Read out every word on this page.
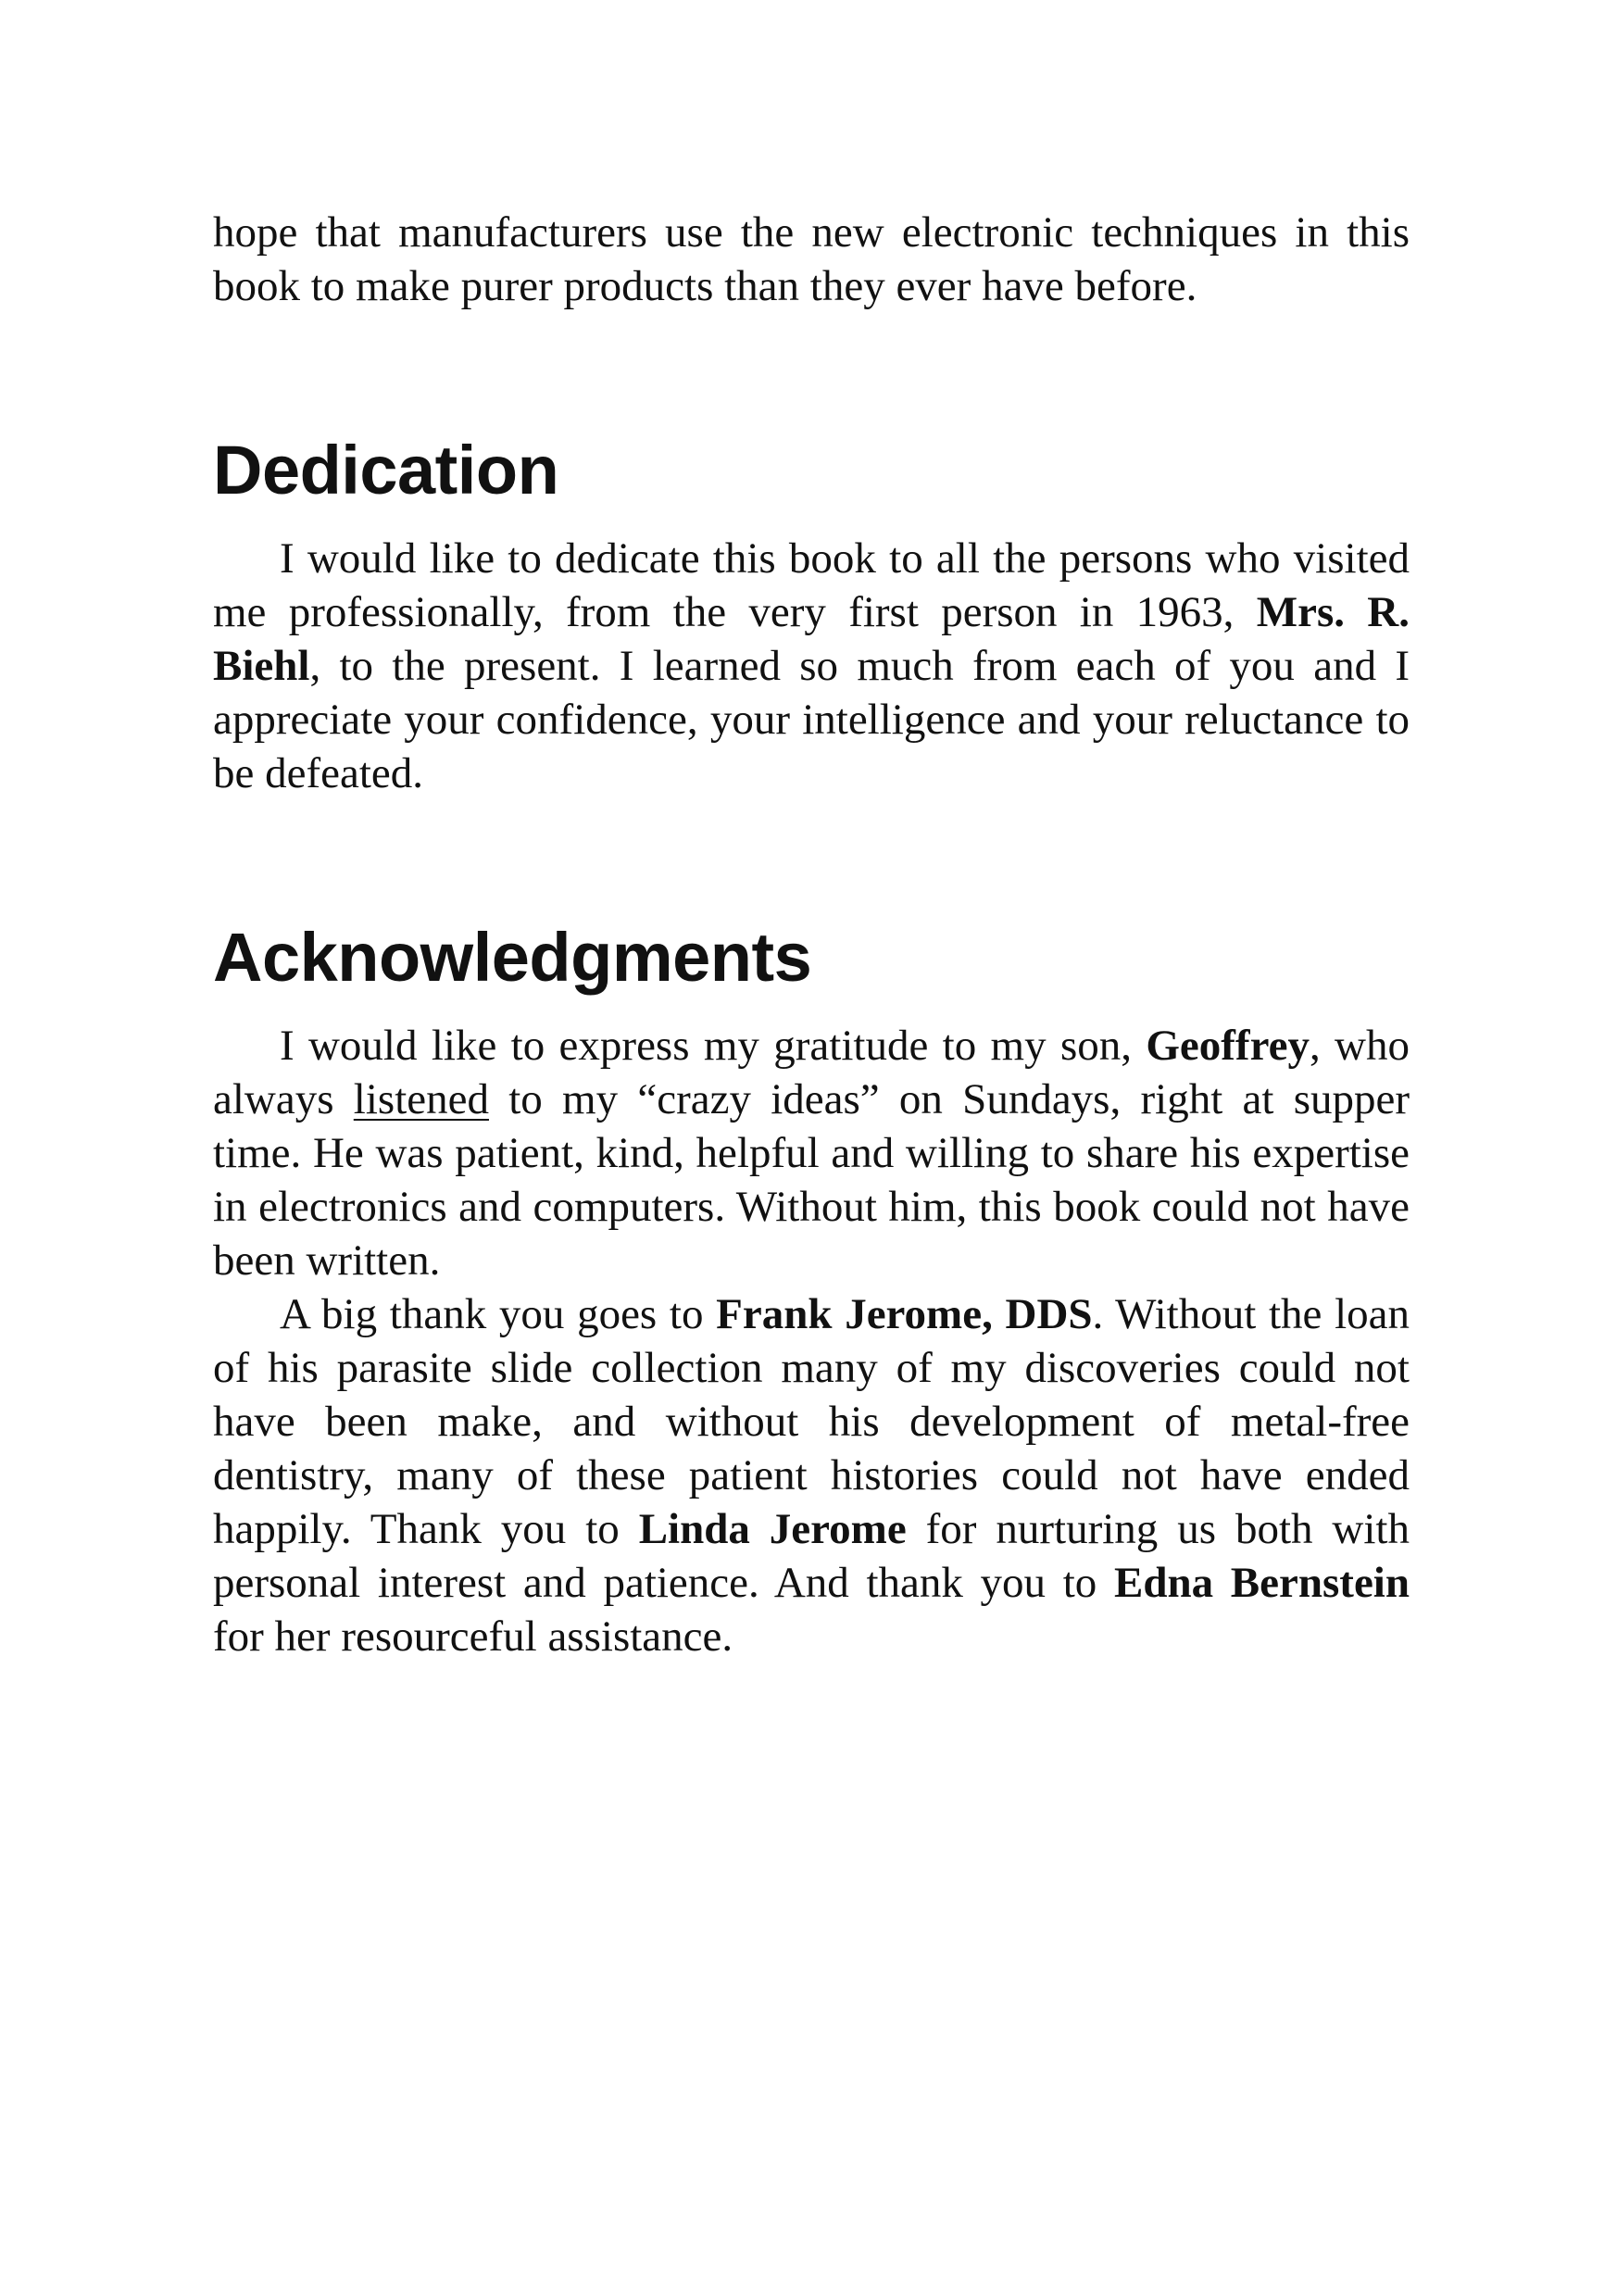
hope that manufacturers use the new electronic techniques in this book to make purer products than they ever have before.

Dedication

I would like to dedicate this book to all the persons who visited me professionally, from the very first person in 1963, Mrs. R. Biehl, to the present. I learned so much from each of you and I appreciate your confidence, your intelligence and your reluctance to be defeated.

Acknowledgments

I would like to express my gratitude to my son, Geoffrey, who always listened to my “crazy ideas” on Sundays, right at supper time. He was patient, kind, helpful and willing to share his expertise in electronics and computers. Without him, this book could not have been written.

A big thank you goes to Frank Jerome, DDS. Without the loan of his parasite slide collection many of my discoveries could not have been make, and without his development of metal-free dentistry, many of these patient histories could not have ended happily. Thank you to Linda Jerome for nurturing us both with personal interest and patience. And thank you to Edna Bernstein for her resourceful assistance.
